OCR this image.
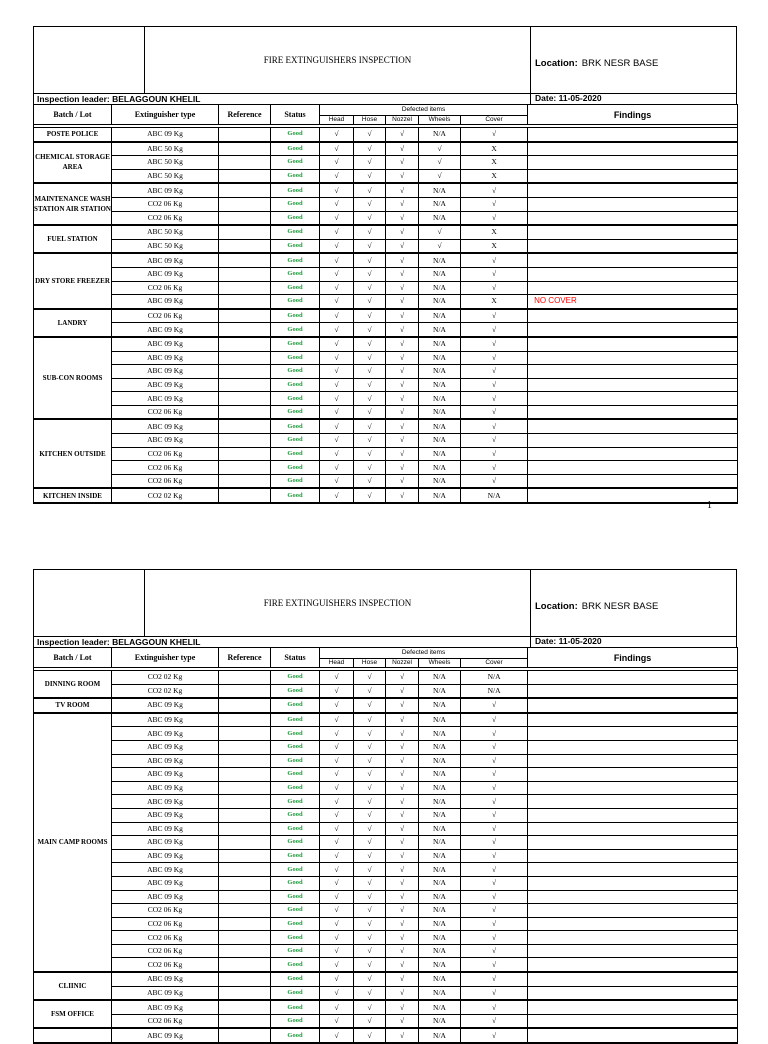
FIRE EXTINGUISHERS INSPECTION	Location: BRK NESR BASE
Inspection leader: BELAGGOUN KHELIL	Date: 11-05-2020
Batch / Lot	Extinguisher type	Reference	Status	Defected items					Findings
				Head	Hose	Nozzel	Wheels	Cover	

POSTE POLICE	ABC 09 Kg		Good	√	√	√	N/A	√	
CHEMICAL STORAGE AREA	ABC 50 Kg		Good	√	√	√	√	X	
	ABC 50 Kg		Good	√	√	√	√	X	
	ABC 50 Kg		Good	√	√	√	√	X	
MAINTENANCE WASH STATION AIR STATION	ABC 09 Kg		Good	√	√	√	N/A	√	
	CO2 06 Kg		Good	√	√	√	N/A	√	
	CO2 06 Kg		Good	√	√	√	N/A	√	
FUEL STATION	ABC 50 Kg		Good	√	√	√	√	X	
	ABC 50 Kg		Good	√	√	√	√	X	
DRY STORE FREEZER	ABC 09 Kg		Good	√	√	√	N/A	√	
	ABC 09 Kg		Good	√	√	√	N/A	√	
	CO2 06 Kg		Good	√	√	√	N/A	√	
	ABC 09 Kg		Good	√	√	√	N/A	X	NO COVER
LANDRY	CO2 06 Kg		Good	√	√	√	N/A	√	
	ABC 09 Kg		Good	√	√	√	N/A	√	
SUB-CON ROOMS	ABC 09 Kg		Good	√	√	√	N/A	√	
	ABC 09 Kg		Good	√	√	√	N/A	√	
	ABC 09 Kg		Good	√	√	√	N/A	√	
	ABC 09 Kg		Good	√	√	√	N/A	√	
	ABC 09 Kg		Good	√	√	√	N/A	√	
	CO2 06 Kg		Good	√	√	√	N/A	√	
KITCHEN OUTSIDE	ABC 09 Kg		Good	√	√	√	N/A	√	
	ABC 09 Kg		Good	√	√	√	N/A	√	
	CO2 06 Kg		Good	√	√	√	N/A	√	
	CO2 06 Kg		Good	√	√	√	N/A	√	
	CO2 06 Kg		Good	√	√	√	N/A	√	
KITCHEN INSIDE	CO2 02 Kg		Good	√	√	√	N/A	N/A	
1
FIRE EXTINGUISHERS INSPECTION	Location: BRK NESR BASE
Inspection leader: BELAGGOUN KHELIL	Date: 11-05-2020
Batch / Lot	Extinguisher type	Reference	Status	Defected items					Findings
				Head	Hose	Nozzel	Wheels	Cover	

DINNING ROOM	CO2 02 Kg		Good	√	√	√	N/A	N/A	
	CO2 02 Kg		Good	√	√	√	N/A	N/A	
TV ROOM	ABC 09 Kg		Good	√	√	√	N/A	√	
MAIN CAMP ROOMS	ABC 09 Kg		Good	√	√	√	N/A	√	
	ABC 09 Kg		Good	√	√	√	N/A	√	
	ABC 09 Kg		Good	√	√	√	N/A	√	
	ABC 09 Kg		Good	√	√	√	N/A	√	
	ABC 09 Kg		Good	√	√	√	N/A	√	
	ABC 09 Kg		Good	√	√	√	N/A	√	
	ABC 09 Kg		Good	√	√	√	N/A	√	
	ABC 09 Kg		Good	√	√	√	N/A	√	
	ABC 09 Kg		Good	√	√	√	N/A	√	
	ABC 09 Kg		Good	√	√	√	N/A	√	
	ABC 09 Kg		Good	√	√	√	N/A	√	
	ABC 09 Kg		Good	√	√	√	N/A	√	
	ABC 09 Kg		Good	√	√	√	N/A	√	
	ABC 09 Kg		Good	√	√	√	N/A	√	
	CO2 06 Kg		Good	√	√	√	N/A	√	
	CO2 06 Kg		Good	√	√	√	N/A	√	
	CO2 06 Kg		Good	√	√	√	N/A	√	
	CO2 06 Kg		Good	√	√	√	N/A	√	
	CO2 06 Kg		Good	√	√	√	N/A	√	
CLIINIC	ABC 09 Kg		Good	√	√	√	N/A	√	
	ABC 09 Kg		Good	√	√	√	N/A	√	
FSM OFFICE	ABC 09 Kg		Good	√	√	√	N/A	√	
	CO2 06 Kg		Good	√	√	√	N/A	√	
	ABC 09 Kg		Good	√	√	√	N/A	√	
